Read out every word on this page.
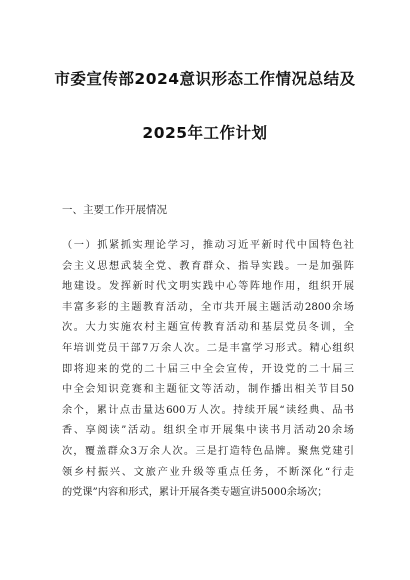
市委宣传部2024意识形态工作情况总结及
2025年工作计划
一、主要工作开展情况
（一）抓紧抓实理论学习，推动习近平新时代中国特色社
会主义思想武装全党、教育群众、指导实践。一是加强阵
地建设。发挥新时代文明实践中心等阵地作用，组织开展
丰富多彩的主题教育活动，全市共开展主题活动2800余场
次。大力实施农村主题宣传教育活动和基层党员冬训，全
年培训党员干部7万余人次。二是丰富学习形式。精心组织
即将迎来的党的二十届三中全会宣传，开设党的二十届三
中全会知识竞赛和主题征文等活动，制作播出相关节目50
余个，累计点击量达600万人次。持续开展“读经典、品书
香、享阅读”活动。组织全市开展集中读书月活动20余场
次，覆盖群众3万余人次。三是打造特色品牌。聚焦党建引
领乡村振兴、文旅产业升级等重点任务，不断深化“行走
的党课”内容和形式，累计开展各类专题宣讲5000余场次；
